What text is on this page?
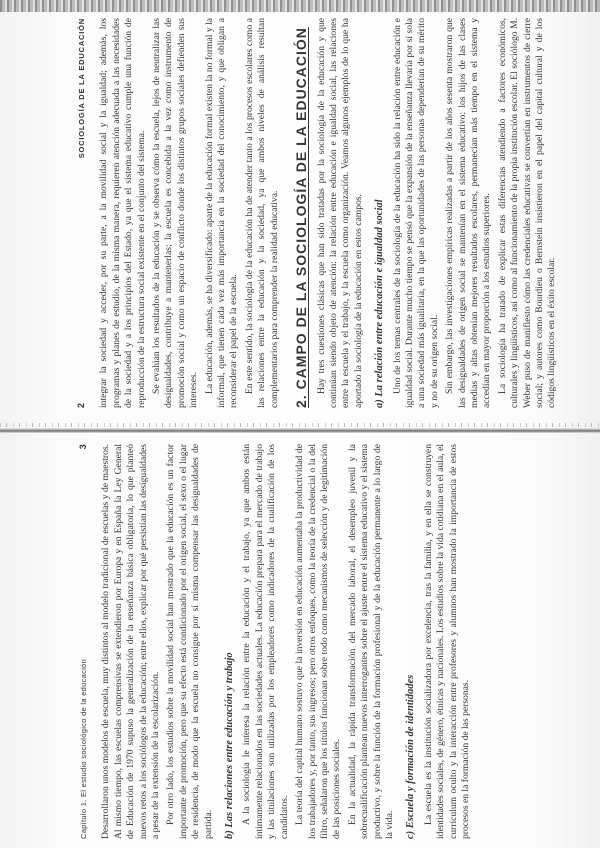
2
SOCIOLOGÍA DE LA EDUCACIÓN integrar la sociedad y acceder, por su parte, a la movilidad social y la igualdad; además, los programas y planes de estudio, de la misma manera, requieren atención adecuada a las necesidades de la sociedad y a los principios del Estado, ya que el sistema educativo cumple una función de reproducción de la estructura social existente en el conjunto del sistema. Se evalúan los resultados de la educación y se observa cómo la escuela, lejos de neutralizar las desigualdades, contribuye a mantenerlas; la escuela es concebida a la vez como instrumento de promoción social y como un espacio de conflicto donde los distintos grupos sociales defienden sus intereses. La educación, además, se ha diversificado: aparte de la educación formal existen la no formal y la informal, que tienen cada vez más importancia en la sociedad del conocimiento, y que obligan a reconsiderar el papel de la escuela. En este sentido, la sociología de la educación ha de atender tanto a los procesos escolares como a las relaciones entre la educación y la sociedad, ya que ambos niveles de análisis resultan complementarios para comprender la realidad educativa. 2. CAMPO DE LA SOCIOLOGÍA DE LA EDUCACIÓN Hay tres cuestiones clásicas que han sido tratadas por la sociología de la educación y que continúan siendo objeto de atención: la relación entre educación e igualdad social, las relaciones entre la escuela y el trabajo, y la escuela como organización. Veamos algunos ejemplos de lo que ha aportado la sociología de la educación en estos campos. a) La relación entre educación e igualdad social Uno de los temas centrales de la sociología de la educación ha sido la relación entre educación e igualdad social. Durante mucho tiempo se pensó que la expansión de la enseñanza llevaría por sí sola a una sociedad más igualitaria, en la que las oportunidades de las personas dependerían de su mérito y no de su origen social. Sin embargo, las investigaciones empíricas realizadas a partir de los años sesenta mostraron que las desigualdades de origen social se mantenían en el sistema educativo: los hijos de las clases medias y altas obtenían mejores resultados escolares, permanecían más tiempo en el sistema y accedían en mayor proporción a los estudios superiores. La sociología ha tratado de explicar estas diferencias atendiendo a factores económicos, culturales y lingüísticos, así como al funcionamiento de la propia institución escolar. El sociólogo M. Weber puso de manifiesto cómo las credenciales educativas se convertían en instrumentos de cierre social; y autores como Bourdieu o Bernstein insistieron en el papel del capital cultural y de los códigos lingüísticos en el éxito escolar.

Capítulo 1. El estudio sociológico de la educación
3 Desarrollaron unos modelos de escuela, muy distintos al modelo tradicional de escuelas y de maestros. Al mismo tiempo, las escuelas comprensivas se extendieron por Europa y en España la Ley General de Educación de 1970 supuso la generalización de la enseñanza básica obligatoria, lo que planteó nuevos retos a los sociólogos de la educación; entre ellos, explicar por qué persistían las desigualdades a pesar de la extensión de la escolarización. Por otro lado, los estudios sobre la movilidad social han mostrado que la educación es un factor importante de promoción, pero que su efecto está condicionado por el origen social, el sexo o el lugar de residencia, de modo que la escuela no consigue por sí misma compensar las desigualdades de partida. b) Las relaciones entre educación y trabajo A la sociología le interesa la relación entre la educación y el trabajo, ya que ambos están íntimamente relacionados en las sociedades actuales. La educación prepara para el mercado de trabajo y las titulaciones son utilizadas por los empleadores como indicadores de la cualificación de los candidatos. La teoría del capital humano sostuvo que la inversión en educación aumentaba la productividad de los trabajadores y, por tanto, sus ingresos; pero otros enfoques, como la teoría de la credencial o la del filtro, señalaron que los títulos funcionan sobre todo como mecanismos de selección y de legitimación de las posiciones sociales. En la actualidad, la rápida transformación del mercado laboral, el desempleo juvenil y la sobrecualificación plantean nuevos interrogantes sobre el ajuste entre el sistema educativo y el sistema productivo, y sobre la función de la formación profesional y de la educación permanente a lo largo de la vida. c) Escuela y formación de identidades La escuela es la institución socializadora por excelencia, tras la familia, y en ella se construyen identidades sociales, de género, étnicas y nacionales. Los estudios sobre la vida cotidiana en el aula, el currículum oculto y la interacción entre profesores y alumnos han mostrado la importancia de estos procesos en la formación de las personas.
